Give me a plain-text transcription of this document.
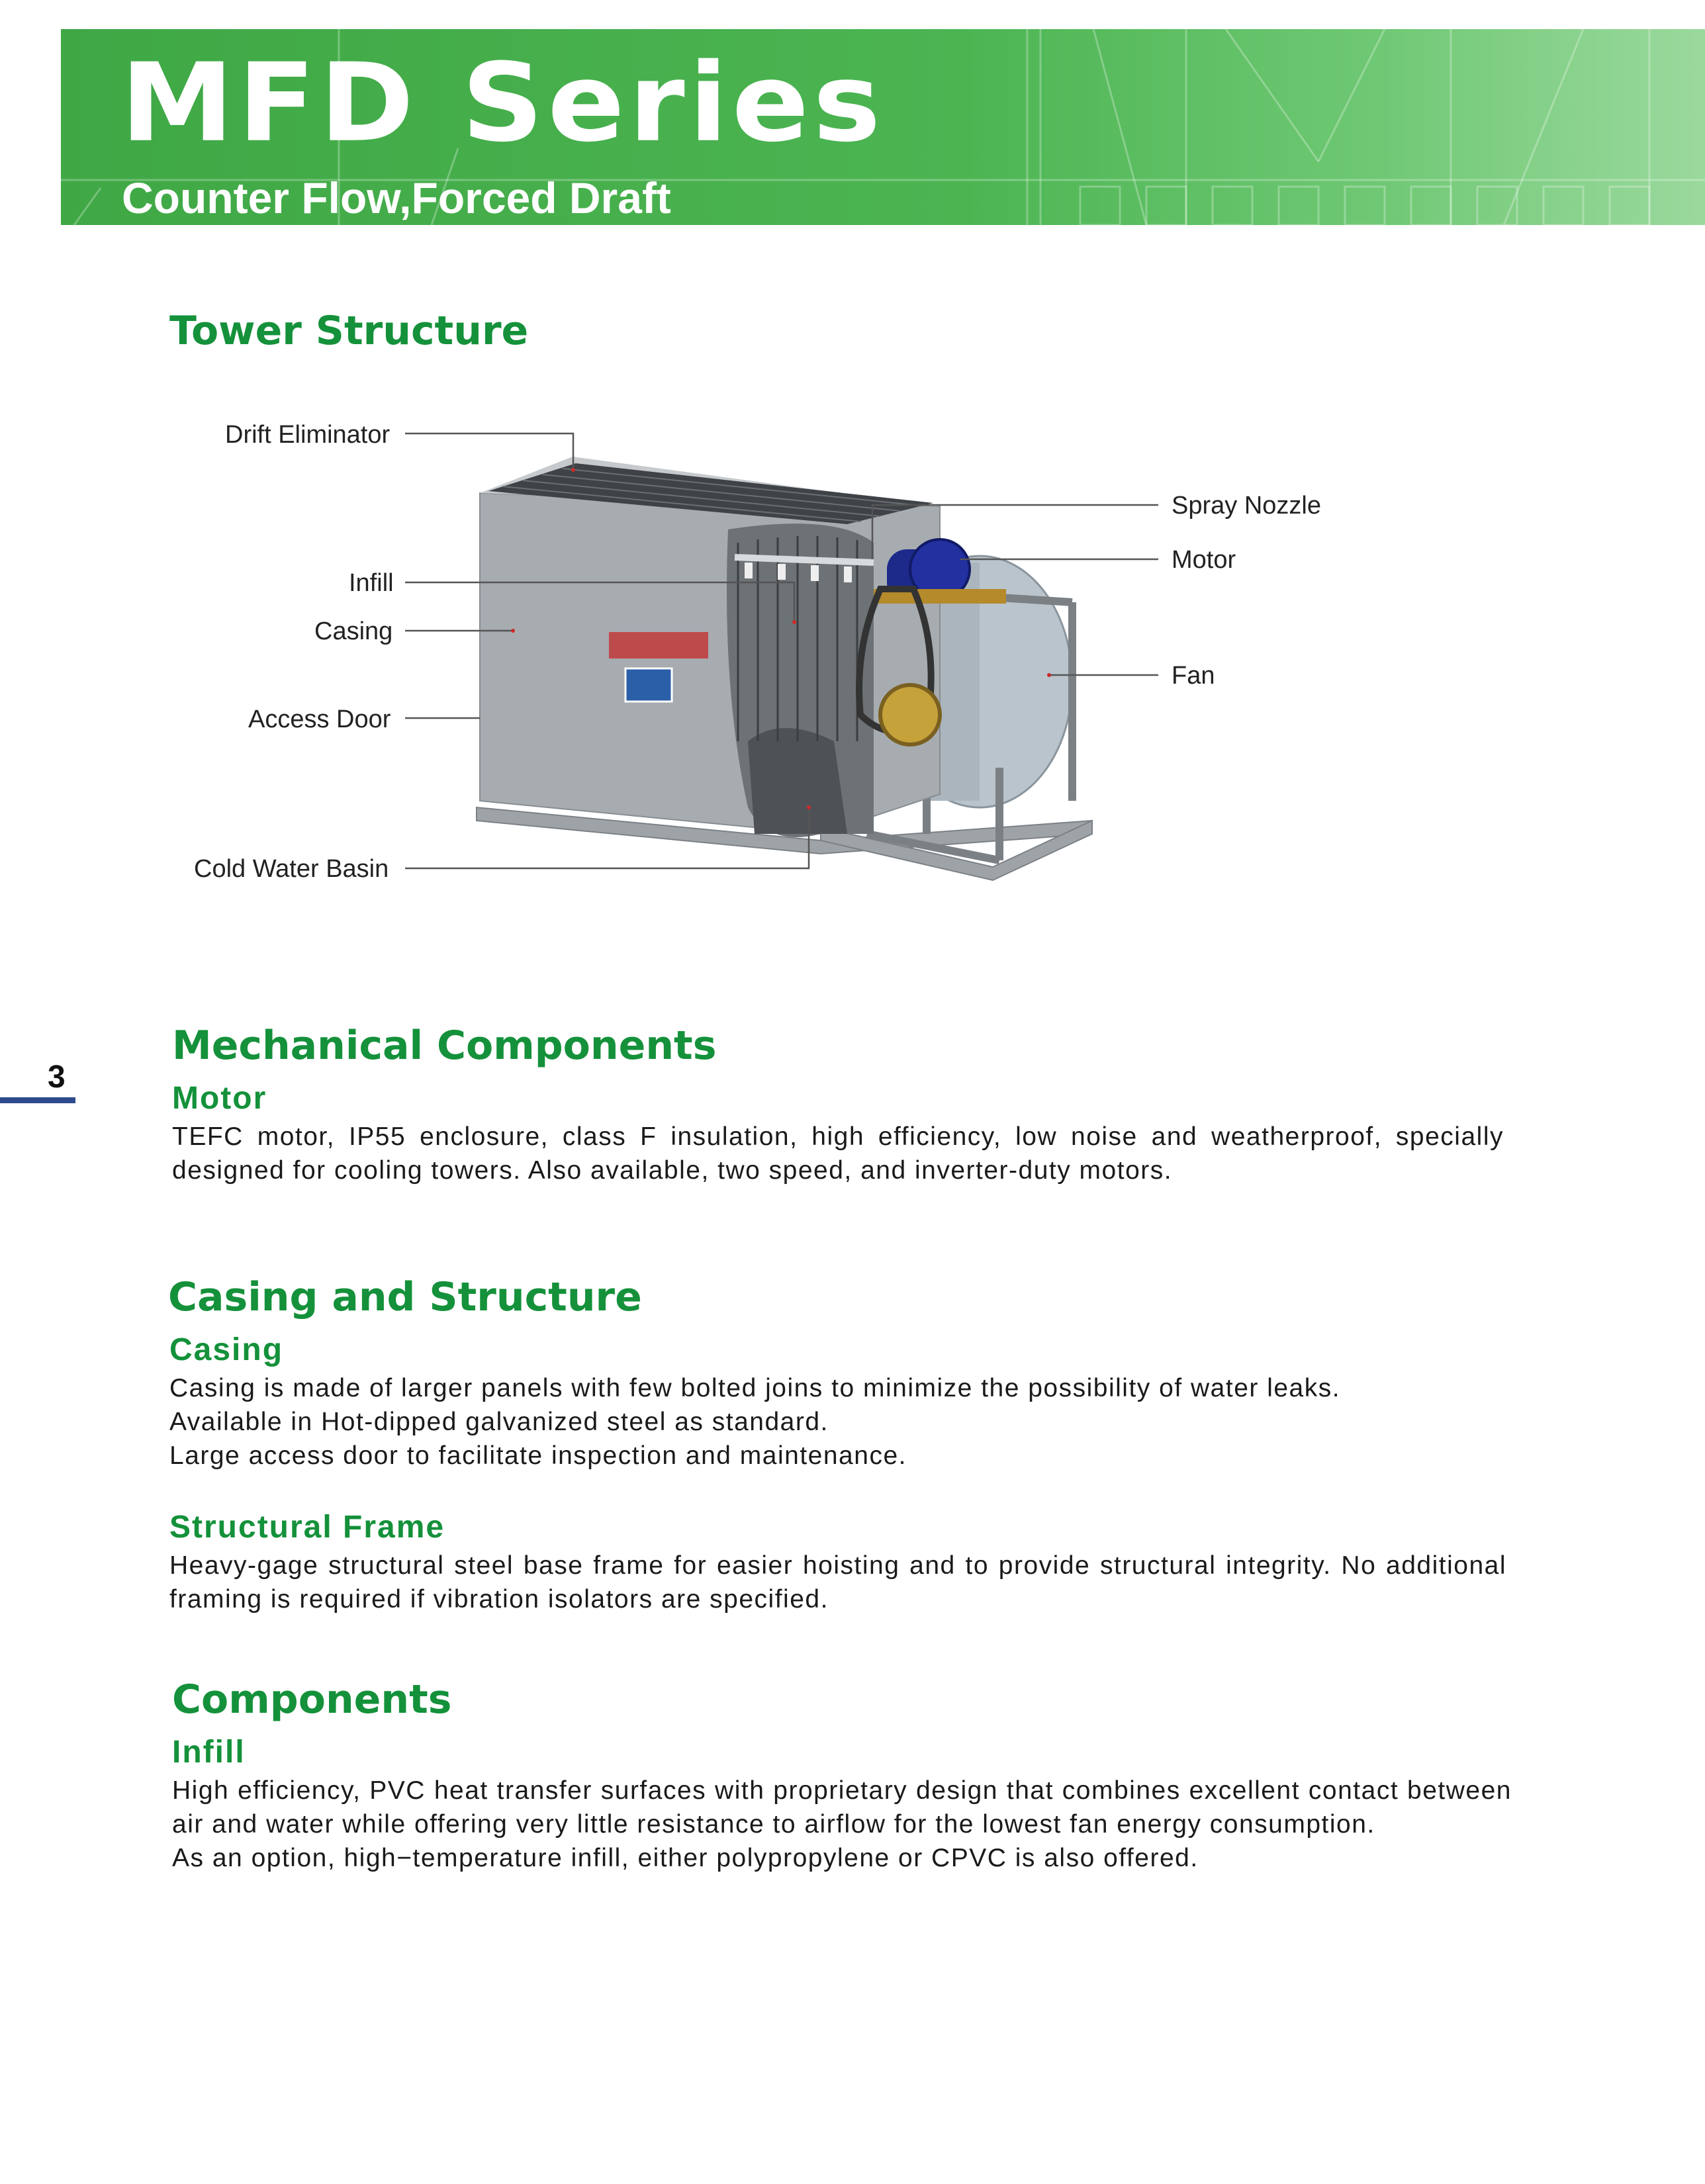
MFD Series
Counter Flow,Forced Draft
Tower Structure
Drift Eliminator
Infill
Casing
Access Door
Cold Water Basin
Spray Nozzle
Motor
Fan
3
Mechanical Components
Motor

TEFC motor, IP55 enclosure, class F insulation, high efficiency, low noise and weatherproof, specially designed for cooling towers. Also available, two speed, and inverter-duty motors.

Casing and Structure
Casing

Casing is made of larger panels with few bolted joins to minimize the possibility of water leaks.

Available in Hot-dipped galvanized steel as standard.

Large access door to facilitate inspection and maintenance.

Structural Frame

Heavy-gage structural steel base frame for easier hoisting and to provide structural integrity. No additional framing is required if vibration isolators are specified.

Components
Infill

High efficiency, PVC heat transfer surfaces with proprietary design that combines excellent contact between air and water while offering very little resistance to airflow for the lowest fan energy consumption.

As an option, high−temperature infill, either polypropylene or CPVC is also offered.
